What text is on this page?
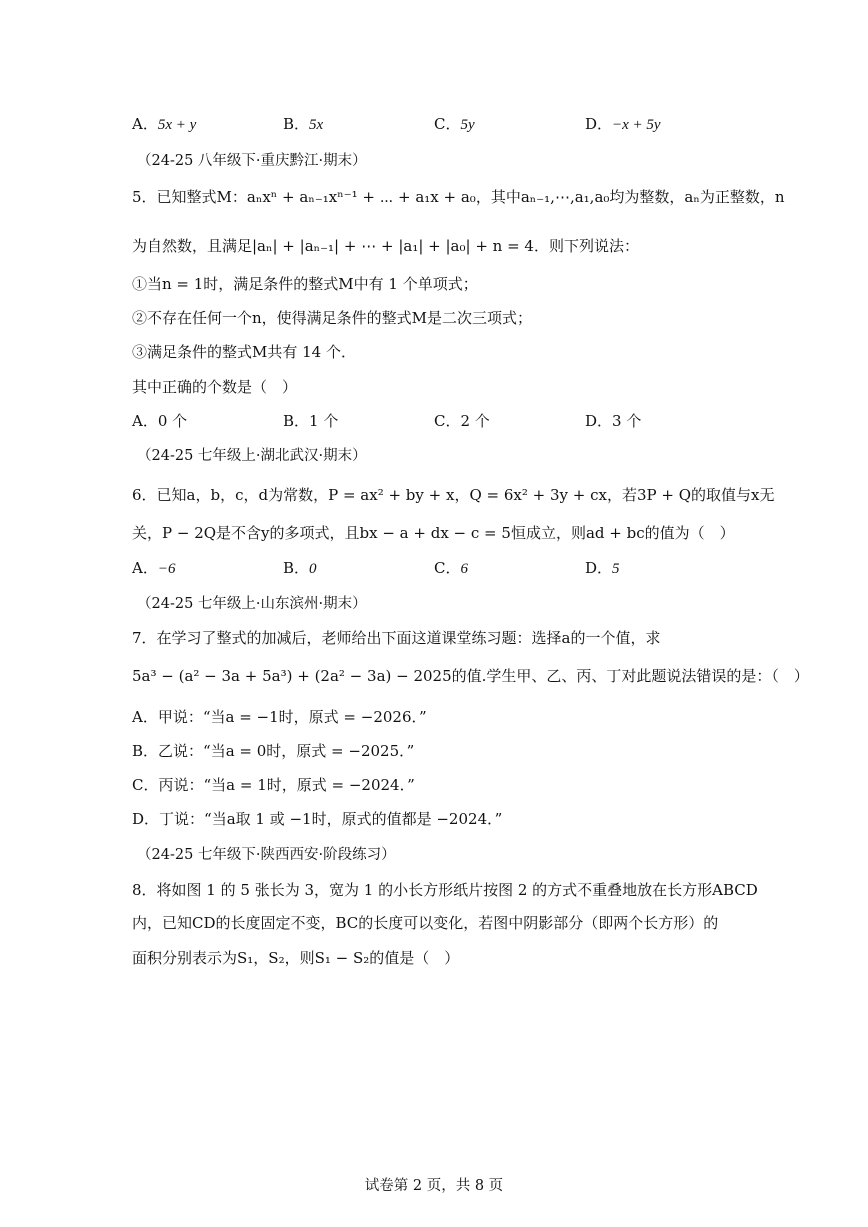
A．5x + y	B．5x	C．5y	D．−x + 5y
（24-25 八年级下·重庆黔江·期末）
5．已知整式M：aₙxⁿ + aₙ₋₁xⁿ⁻¹ + ⋯ + a₁x + a₀，其中aₙ₋₁,⋯,a₁,a₀均为整数，aₙ为正整数，n
为自然数，且满足|aₙ| + |aₙ₋₁| + ⋯ + |a₁| + |a₀| + n = 4．则下列说法：
①当n = 1时，满足条件的整式M中有 1 个单项式；
②不存在任何一个n，使得满足条件的整式M是二次三项式；
③满足条件的整式M共有 14 个．
其中正确的个数是（　）
A．0 个	B．1 个	C．2 个	D．3 个
（24-25 七年级上·湖北武汉·期末）
6．已知a，b，c，d为常数，P = ax² + by + x，Q = 6x² + 3y + cx，若3P + Q的取值与x无
关，P − 2Q是不含y的多项式，且bx − a + dx − c = 5恒成立，则ad + bc的值为（　）
A．−6	B．0	C．6	D．5
（24-25 七年级上·山东滨州·期末）
7．在学习了整式的加减后，老师给出下面这道课堂练习题：选择a的一个值，求
5a³ − (a² − 3a + 5a³) + (2a² − 3a) − 2025的值.学生甲、乙、丙、丁对此题说法错误的是：（　）
A．甲说：“当a = −1时，原式 = −2026．”
B．乙说：“当a = 0时，原式 = −2025．”
C．丙说：“当a = 1时，原式 = −2024．”
D．丁说：“当a取 1 或 −1时，原式的值都是 −2024．”
（24-25 七年级下·陕西西安·阶段练习）
8．将如图 1 的 5 张长为 3，宽为 1 的小长方形纸片按图 2 的方式不重叠地放在长方形ABCD
内，已知CD的长度固定不变，BC的长度可以变化，若图中阴影部分（即两个长方形）的
面积分别表示为S₁，S₂，则S₁ − S₂的值是（　）
试卷第 2 页，共 8 页
